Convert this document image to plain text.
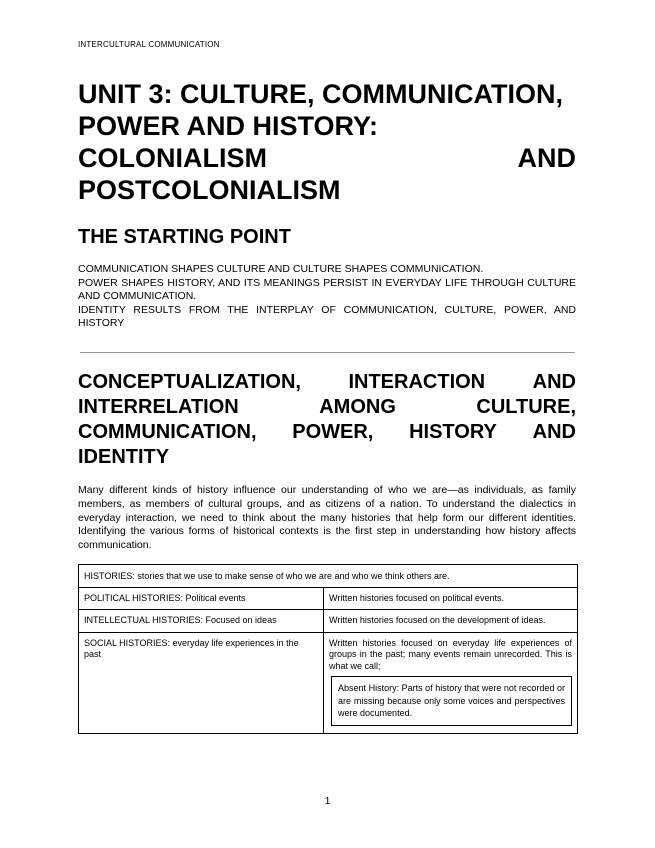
INTERCULTURAL COMMUNICATION
UNIT 3: CULTURE, COMMUNICATION,
POWER AND HISTORY:
COLONIALISM	AND
POSTCOLONIALISM
THE STARTING POINT
COMMUNICATION SHAPES CULTURE AND CULTURE SHAPES COMMUNICATION.
POWER SHAPES HISTORY, AND ITS MEANINGS PERSIST IN EVERYDAY LIFE THROUGH CULTURE AND COMMUNICATION.
IDENTITY RESULTS FROM THE INTERPLAY OF COMMUNICATION, CULTURE, POWER, AND HISTORY
CONCEPTUALIZATION, INTERACTION AND
INTERRELATION	AMONG	CULTURE,
COMMUNICATION, POWER, HISTORY AND
IDENTITY
Many different kinds of history influence our understanding of who we are—as individuals, as family members, as members of cultural groups, and as citizens of a nation. To understand the dialectics in everyday interaction, we need to think about the many histories that help form our different identities. Identifying the various forms of historical contexts is the first step in understanding how history affects communication.
HISTORIES: stories that we use to make sense of who we are and who we think others are.	
POLITICAL HISTORIES: Political events	Written histories focused on political events.
INTELLECTUAL HISTORIES: Focused on ideas	Written histories focused on the development of ideas.
SOCIAL HISTORIES: everyday life experiences in the past	Written histories focused on everyday life experiences of groups in the past; many events remain unrecorded. This is what we call;
Absent History: Parts of history that were not recorded or are missing because only some voices and perspectives were documented.
1
